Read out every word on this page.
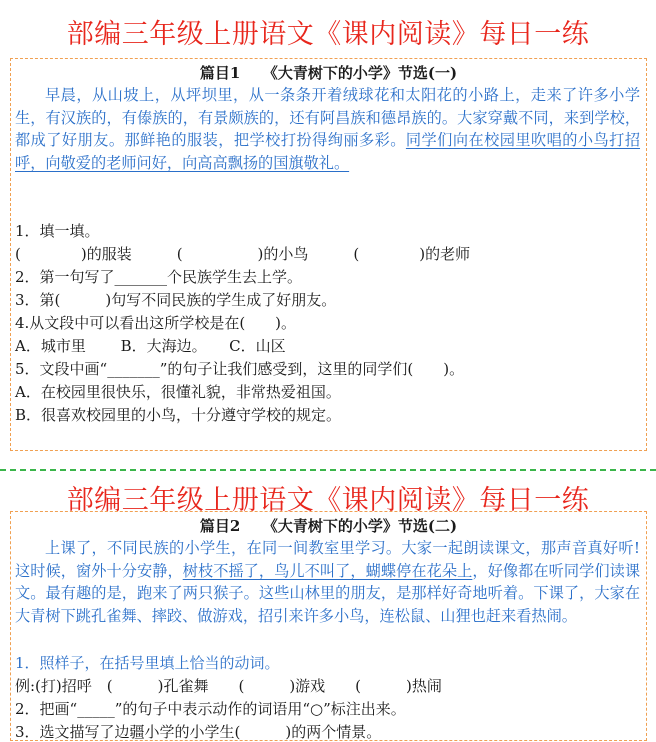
部编三年级上册语文《课内阅读》每日一练
篇目1　　《大青树下的小学》节选(一)
早晨，从山坡上，从坪坝里，从一条条开着绒球花和太阳花的小路上，走来了许多小学生，有汉族的，有傣族的，有景颇族的，还有阿昌族和德昂族的。大家穿戴不同，来到学校，都成了好朋友。那鲜艳的服装，把学校打扮得绚丽多彩。同学们向在校园里吹唱的小鸟打招呼，向敬爱的老师问好，向高高飘扬的国旗敬礼。
1．填一填。
(　　　　)的服装　　　(　　　　　)的小鸟　　　(　　　　)的老师
2．第一句写了_______个民族学生去上学。
3．第(　　　)句写不同民族的学生成了好朋友。
4.从文段中可以看出这所学校是在(　　)。
A．城市里　　 B．大海边。　　C．山区
5．文段中画“_______”的句子让我们感受到，这里的同学们(　　)。
A．在校园里很快乐，很懂礼貌，非常热爱祖国。
B．很喜欢校园里的小鸟，十分遵守学校的规定。
部编三年级上册语文《课内阅读》每日一练
篇目2　　《大青树下的小学》节选(二)
上课了，不同民族的小学生，在同一间教室里学习。大家一起朗读课文，那声音真好听!这时候，窗外十分安静，树枝不摇了，鸟儿不叫了，蝴蝶停在花朵上，好像都在听同学们读课文。最有趣的是，跑来了两只猴子。这些山林里的朋友，是那样好奇地听着。下课了，大家在大青树下跳孔雀舞、摔跤、做游戏，招引来许多小鸟，连松鼠、山狸也赶来看热闹。
1．照样子，在括号里填上恰当的动词。
例:(打)招呼　(　　　)孔雀舞　　(　　　)游戏　　(　　　)热闹
2．把画“_____”的句子中表示动作的词语用“○”标注出来。
3．选文描写了边疆小学的小学生(　　　)的两个情景。
